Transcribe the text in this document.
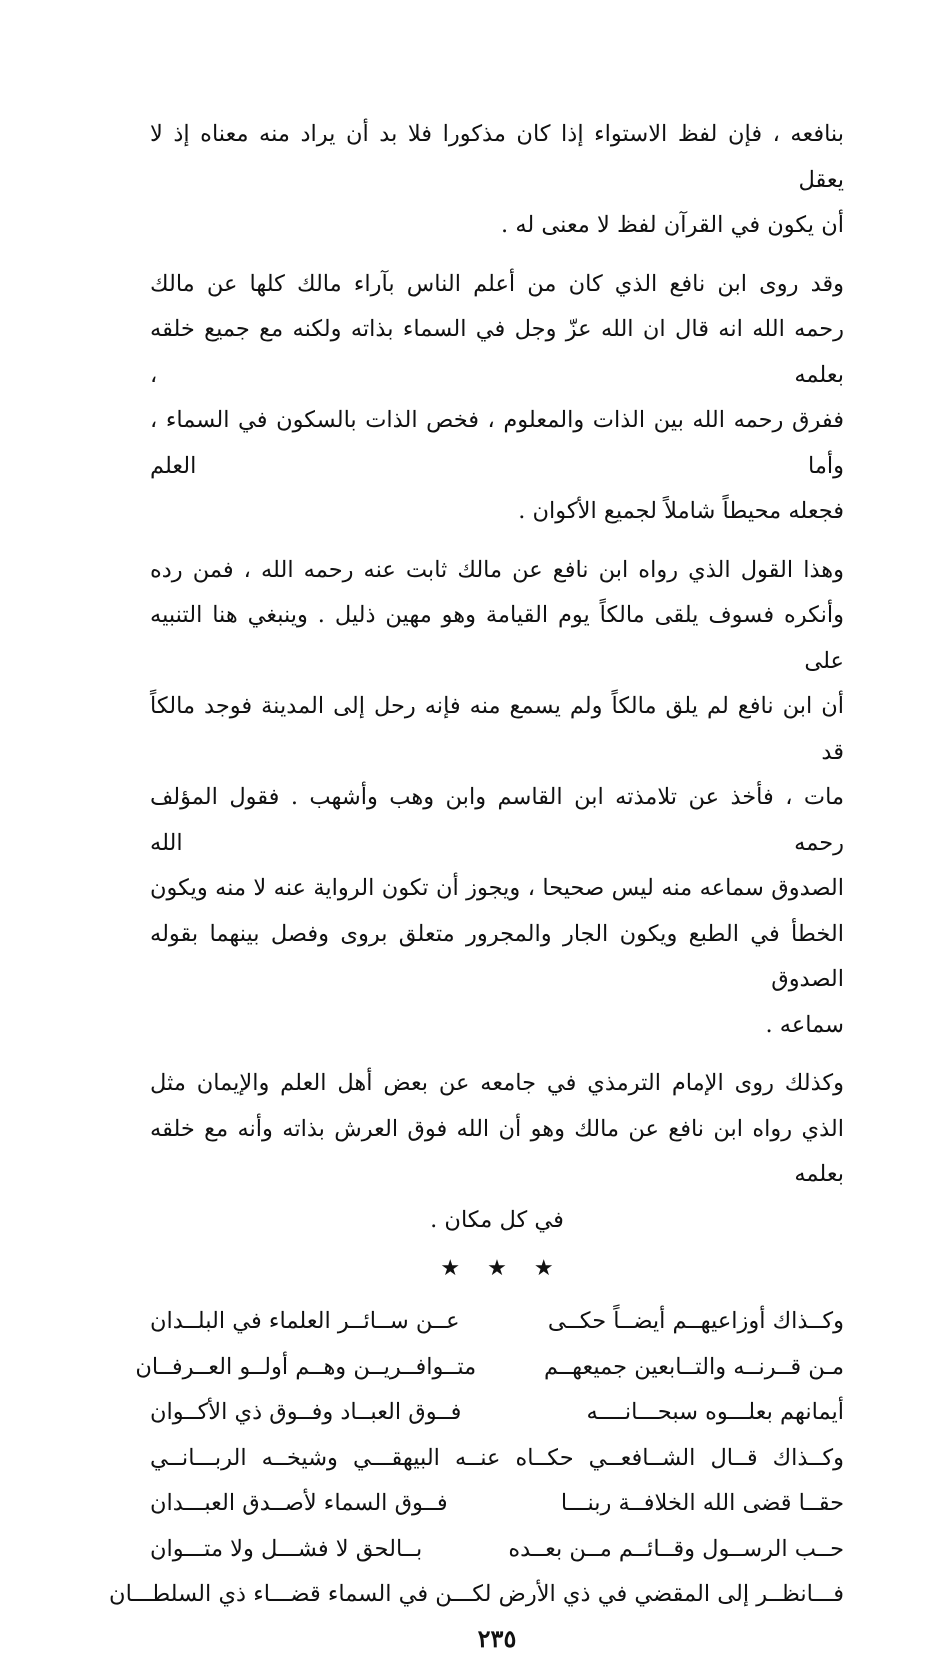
بنافعه ، فإن لفظ الاستواء إذا كان مذكورا فلا بد أن يراد منه معناه إذ لا يعقل
أن يكون في القرآن لفظ لا معنى له .
وقد روى ابن نافع الذي كان من أعلم الناس بآراء مالك كلها عن مالك
رحمه الله انه قال ان الله عزّ وجل في السماء بذاته ولكنه مع جميع خلقه بعلمه ،
ففرق رحمه الله بين الذات والمعلوم ، فخص الذات بالسكون في السماء ، وأما العلم
فجعله محيطاً شاملاً لجميع الأكوان .
وهذا القول الذي رواه ابن نافع عن مالك ثابت عنه رحمه الله ، فمن رده
وأنكره فسوف يلقى مالكاً يوم القيامة وهو مهين ذليل . وينبغي هنا التنبيه على
أن ابن نافع لم يلق مالكاً ولم يسمع منه فإنه رحل إلى المدينة فوجد مالكاً قد
مات ، فأخذ عن تلامذته ابن القاسم وابن وهب وأشهب . فقول المؤلف رحمه الله
الصدوق سماعه منه ليس صحيحا ، ويجوز أن تكون الرواية عنه لا منه ويكون
الخطأ في الطبع ويكون الجار والمجرور متعلق بروى وفصل بينهما بقوله الصدوق
سماعه .
وكذلك روى الإمام الترمذي في جامعه عن بعض أهل العلم والإيمان مثل
الذي رواه ابن نافع عن مالك وهو أن الله فوق العرش بذاته وأنه مع خلقه بعلمه
في كل مكان .
★ ★ ★
وكــذاك أوزاعيهــم أيضــاً حكــى
عــن ســائــر العلماء في البلــدان
مـن قــرنــه والتــابعين جميعهــم
متــوافــريــن وهــم أولــو العــرفــان
أيمانهم بعلـــوه سبحـــانــــه
فــوق العبــاد وفــوق ذي الأكــوان
وكــذاك قــال الشــافعــي حكــاه عنــه البيهقـــي وشيخــه الربـــانــي
حقــا قضى الله الخلافــة ربنـــا
فــوق السماء لأصــدق العبـــدان
حــب الرســول وقــائــم مــن بعــده
بــالحق لا فشـــل ولا متـــوان
فـــانظــر إلى المقضي في ذي الأرض لكـــن في السماء قضـــاء ذي السلطـــان
٢٣٥
